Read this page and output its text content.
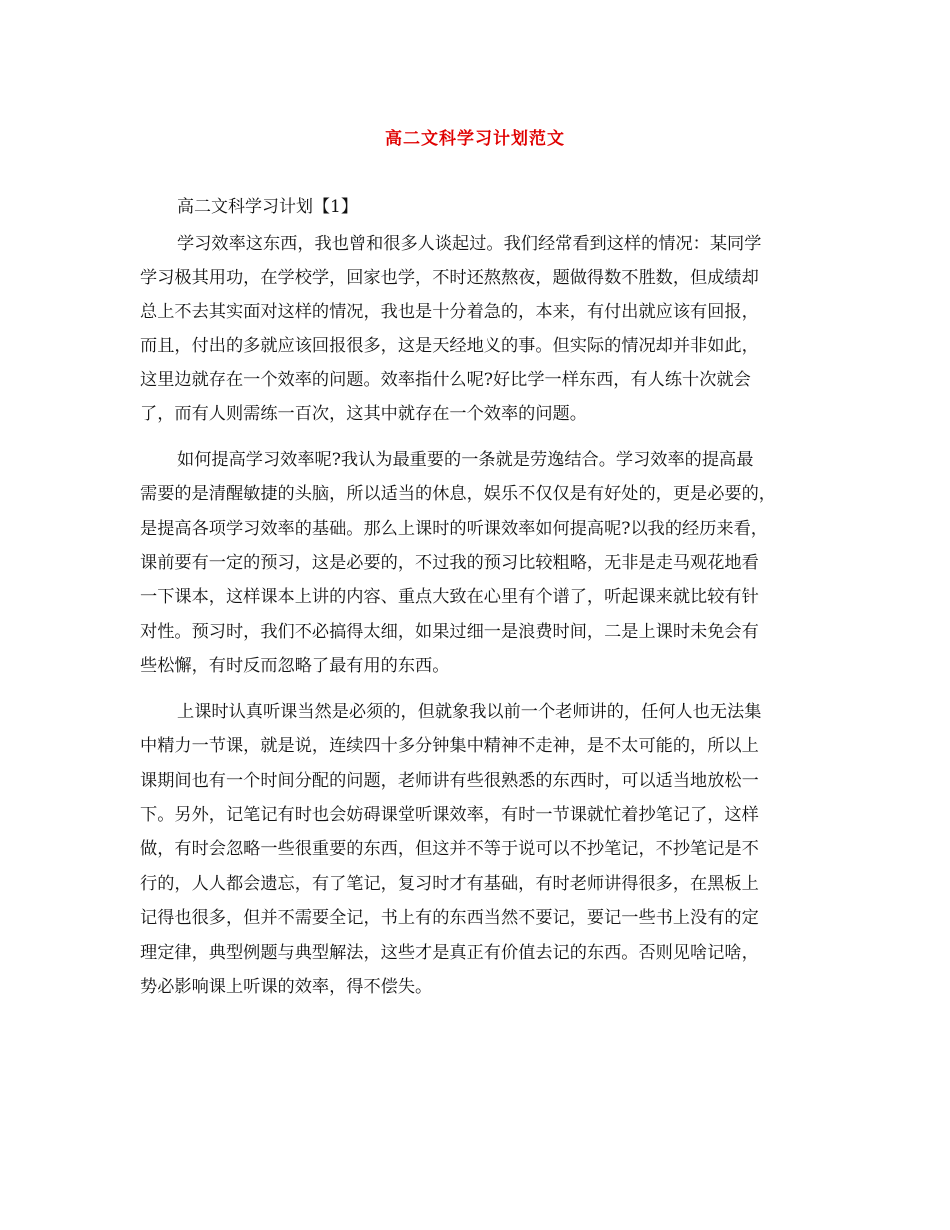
高二文科学习计划范文

高二文科学习计划【1】

学习效率这东西，我也曾和很多人谈起过。我们经常看到这样的情况：某同学

学习极其用功，在学校学，回家也学，不时还熬熬夜，题做得数不胜数，但成绩却

总上不去其实面对这样的情况，我也是十分着急的，本来，有付出就应该有回报，

而且，付出的多就应该回报很多，这是天经地义的事。但实际的情况却并非如此，

这里边就存在一个效率的问题。效率指什么呢?好比学一样东西，有人练十次就会

了，而有人则需练一百次，这其中就存在一个效率的问题。

如何提高学习效率呢?我认为最重要的一条就是劳逸结合。学习效率的提高最

需要的是清醒敏捷的头脑，所以适当的休息，娱乐不仅仅是有好处的，更是必要的，

是提高各项学习效率的基础。那么上课时的听课效率如何提高呢?以我的经历来看，

课前要有一定的预习，这是必要的，不过我的预习比较粗略，无非是走马观花地看

一下课本，这样课本上讲的内容、重点大致在心里有个谱了，听起课来就比较有针

对性。预习时，我们不必搞得太细，如果过细一是浪费时间，二是上课时未免会有

些松懈，有时反而忽略了最有用的东西。

上课时认真听课当然是必须的，但就象我以前一个老师讲的，任何人也无法集

中精力一节课，就是说，连续四十多分钟集中精神不走神，是不太可能的，所以上

课期间也有一个时间分配的问题，老师讲有些很熟悉的东西时，可以适当地放松一

下。另外，记笔记有时也会妨碍课堂听课效率，有时一节课就忙着抄笔记了，这样

做，有时会忽略一些很重要的东西，但这并不等于说可以不抄笔记，不抄笔记是不

行的，人人都会遗忘，有了笔记，复习时才有基础，有时老师讲得很多，在黑板上

记得也很多，但并不需要全记，书上有的东西当然不要记，要记一些书上没有的定

理定律，典型例题与典型解法，这些才是真正有价值去记的东西。否则见啥记啥，

势必影响课上听课的效率，得不偿失。
